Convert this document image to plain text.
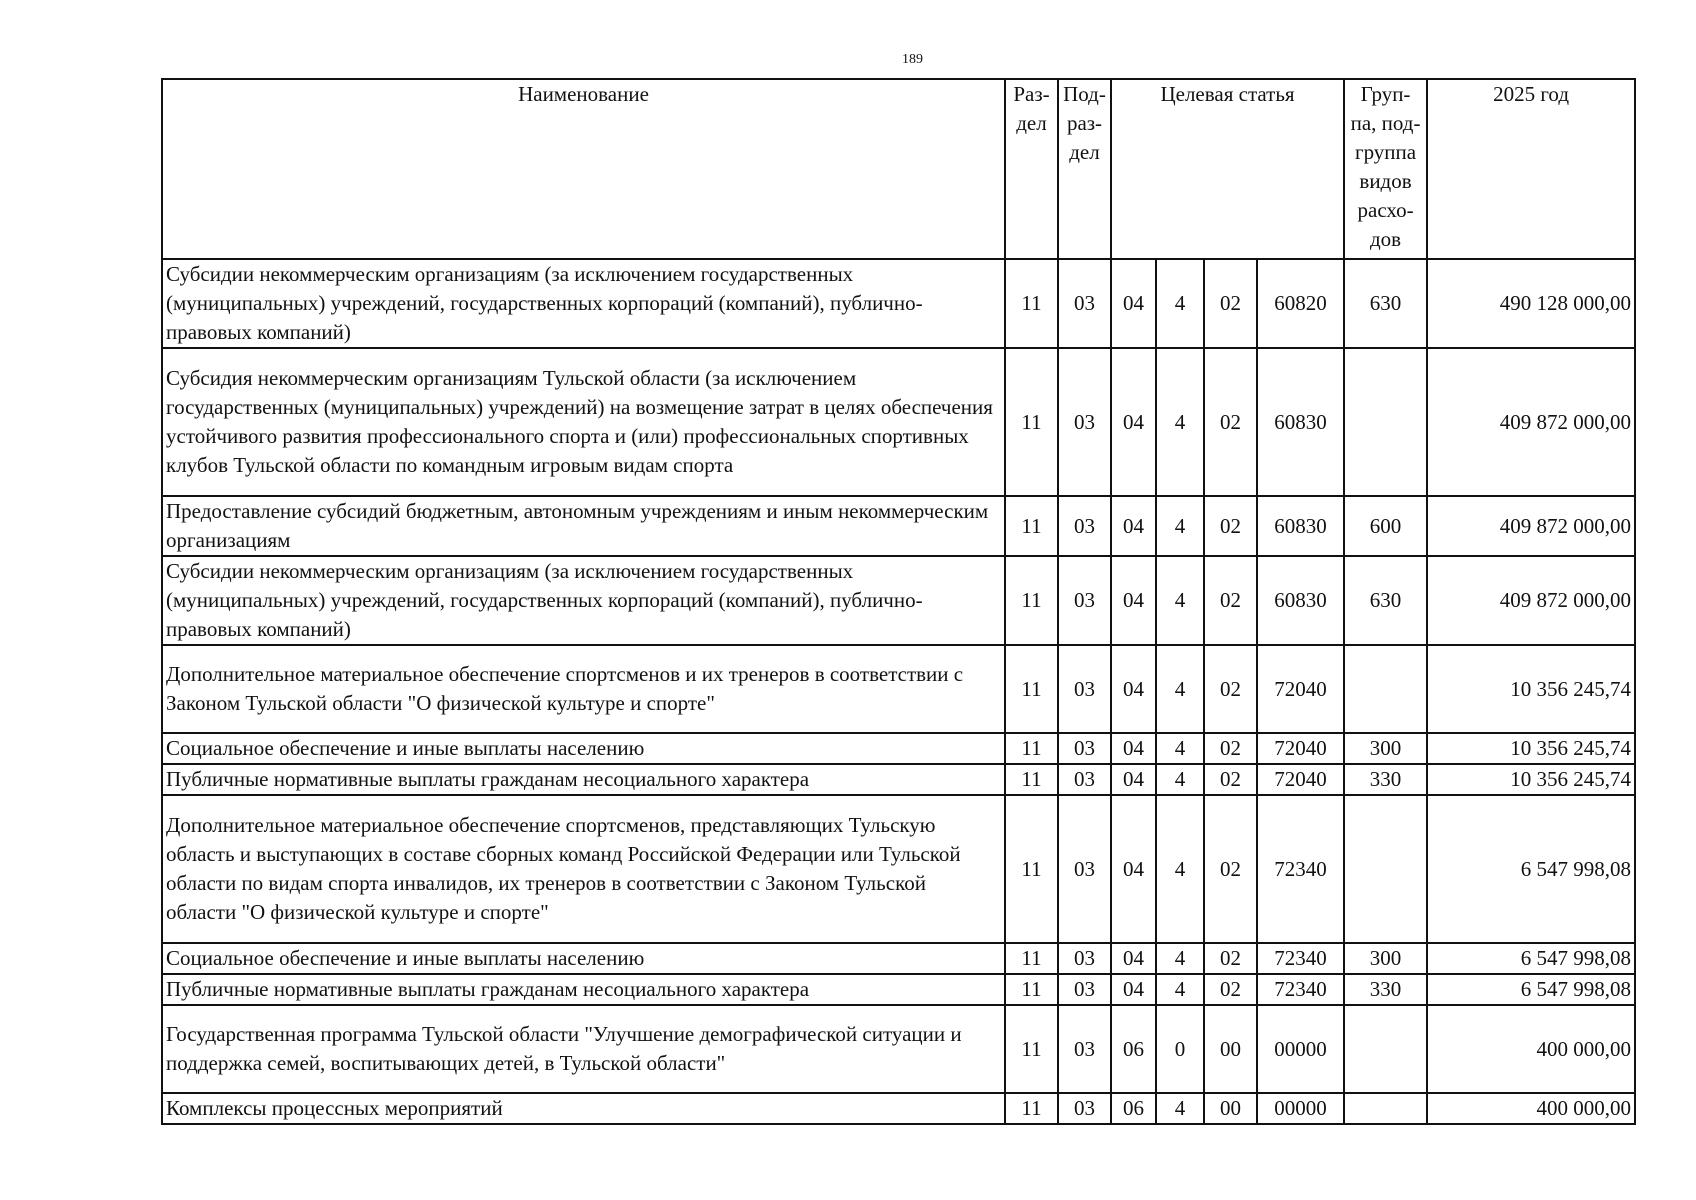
189
Наименование	Раз-дел	Под-раз-дел	Целевая статья				Груп-па, под-группа видов расхо-дов	2025 год
Субсидии некоммерческим организациям (за исключением государственных (муниципальных) учреждений, государственных корпораций (компаний), публично-правовых компаний)	11	03	04	4	02	60820	630	490 128 000,00
Субсидия некоммерческим организациям Тульской области (за исключением государственных (муниципальных) учреждений) на возмещение затрат в целях обеспечения устойчивого развития профессионального спорта и (или) профессиональных спортивных клубов Тульской области по командным игровым видам спорта	11	03	04	4	02	60830		409 872 000,00
Предоставление субсидий бюджетным, автономным учреждениям и иным некоммерческим организациям	11	03	04	4	02	60830	600	409 872 000,00
Субсидии некоммерческим организациям (за исключением государственных (муниципальных) учреждений, государственных корпораций (компаний), публично-правовых компаний)	11	03	04	4	02	60830	630	409 872 000,00
Дополнительное материальное обеспечение спортсменов и их тренеров в соответствии с Законом Тульской области "О физической культуре и спорте"	11	03	04	4	02	72040		10 356 245,74
Социальное обеспечение и иные выплаты населению	11	03	04	4	02	72040	300	10 356 245,74
Публичные нормативные выплаты гражданам несоциального характера	11	03	04	4	02	72040	330	10 356 245,74
Дополнительное материальное обеспечение спортсменов, представляющих Тульскую область и выступающих в составе сборных команд Российской Федерации или Тульской области по видам спорта инвалидов, их тренеров в соответствии с Законом Тульской области "О физической культуре и спорте"	11	03	04	4	02	72340		6 547 998,08
Социальное обеспечение и иные выплаты населению	11	03	04	4	02	72340	300	6 547 998,08
Публичные нормативные выплаты гражданам несоциального характера	11	03	04	4	02	72340	330	6 547 998,08
Государственная программа Тульской области "Улучшение демографической ситуации и поддержка семей, воспитывающих детей, в Тульской области"	11	03	06	0	00	00000		400 000,00
Комплексы процессных мероприятий	11	03	06	4	00	00000		400 000,00
